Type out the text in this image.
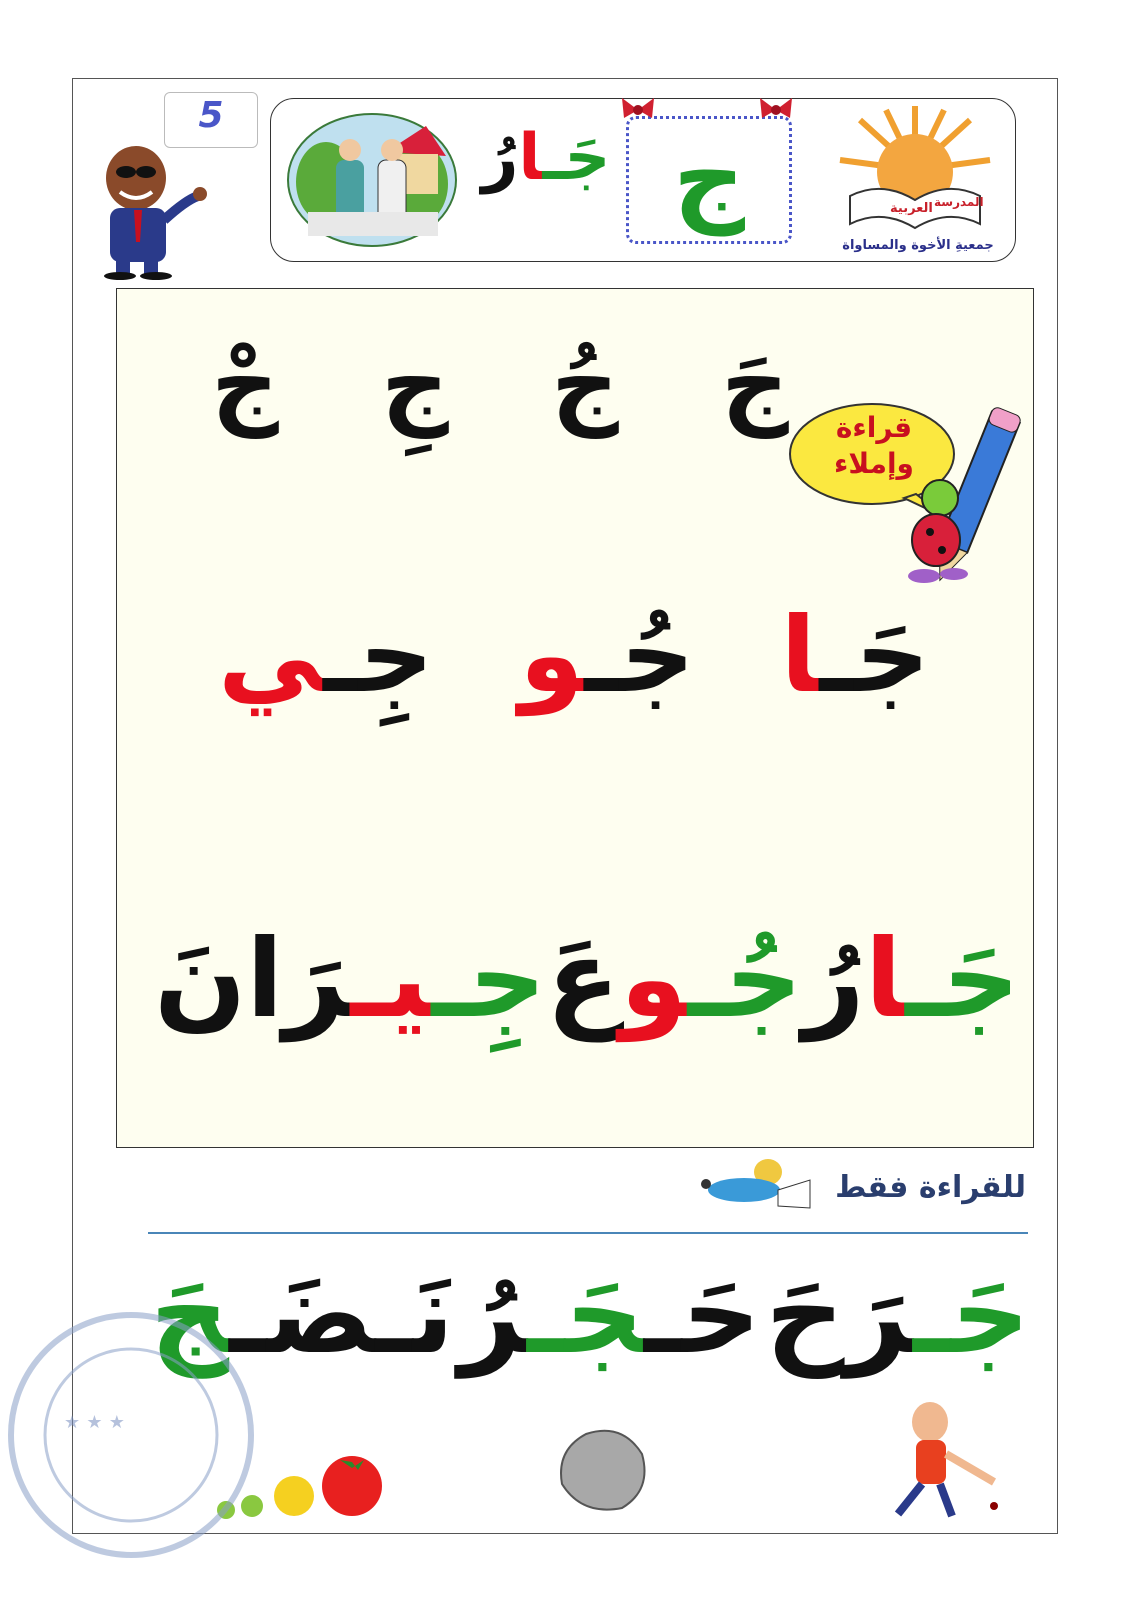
5
جَـارُ	ج	العربية المدرسة
جمعيةِ الأخوة والمساواة
ج
ج
ج
ج	قراءة
وإملاء
جَـا
جُـو
جِـي
جَـارُ
جُـوعَ
جِـيـرَانَ
للقراءة فقط
جَـرَحَ
حَـجَـرُ
نَـضَـجَ
★ ★ ★
